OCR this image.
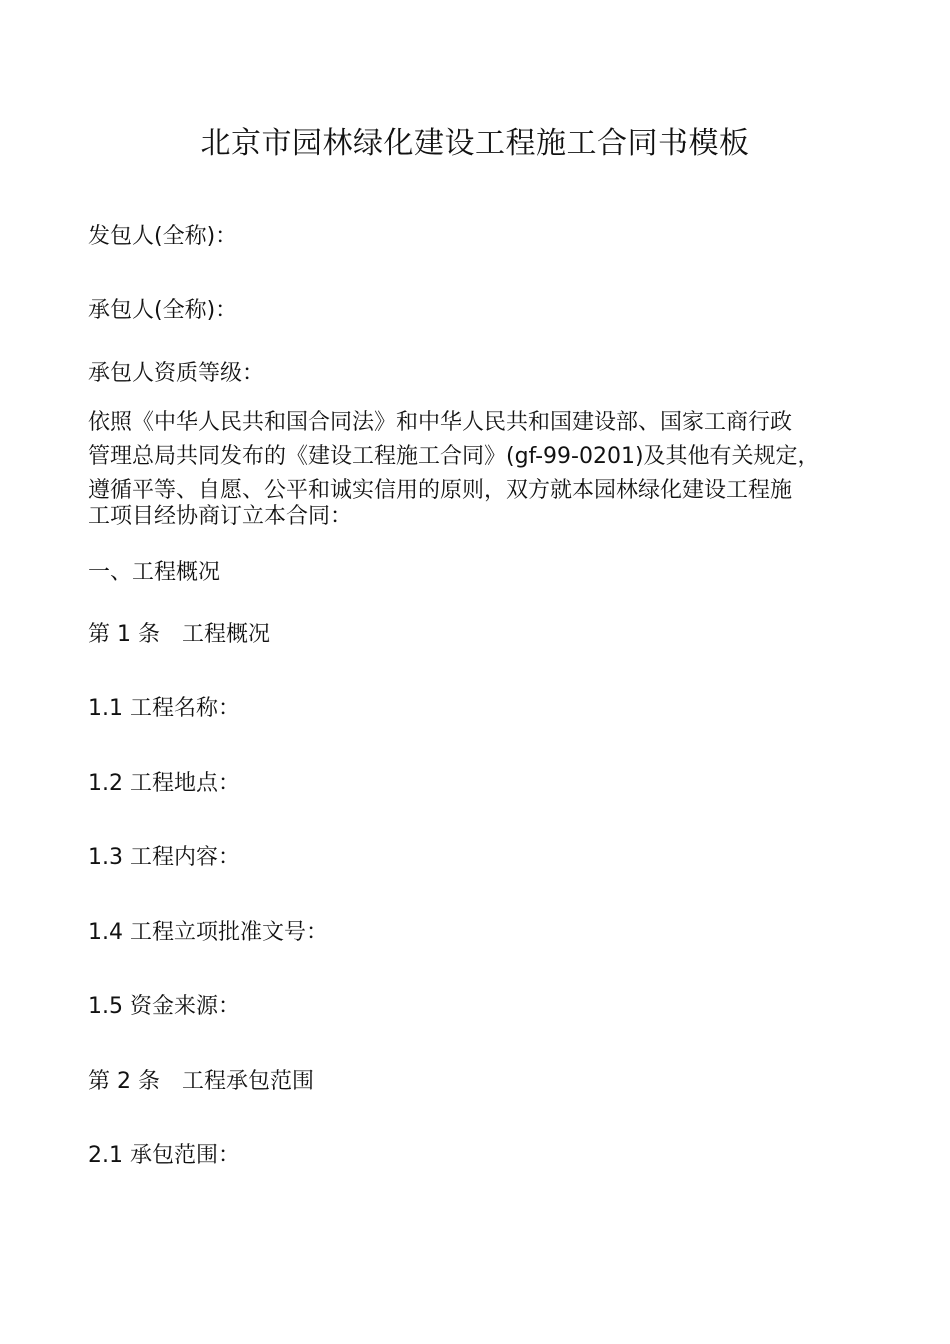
北京市园林绿化建设工程施工合同书模板
发包人(全称)：
承包人(全称)：
承包人资质等级：
依照《中华人民共和国合同法》和中华人民共和国建设部、国家工商行政
管理总局共同发布的《建设工程施工合同》(gf-99-0201)及其他有关规定，
遵循平等、自愿、公平和诚实信用的原则，双方就本园林绿化建设工程施
工项目经协商订立本合同：
一、工程概况
第 1 条 工程概况
1.1 工程名称：
1.2 工程地点：
1.3 工程内容：
1.4 工程立项批准文号：
1.5 资金来源：
第 2 条 工程承包范围
2.1 承包范围：
